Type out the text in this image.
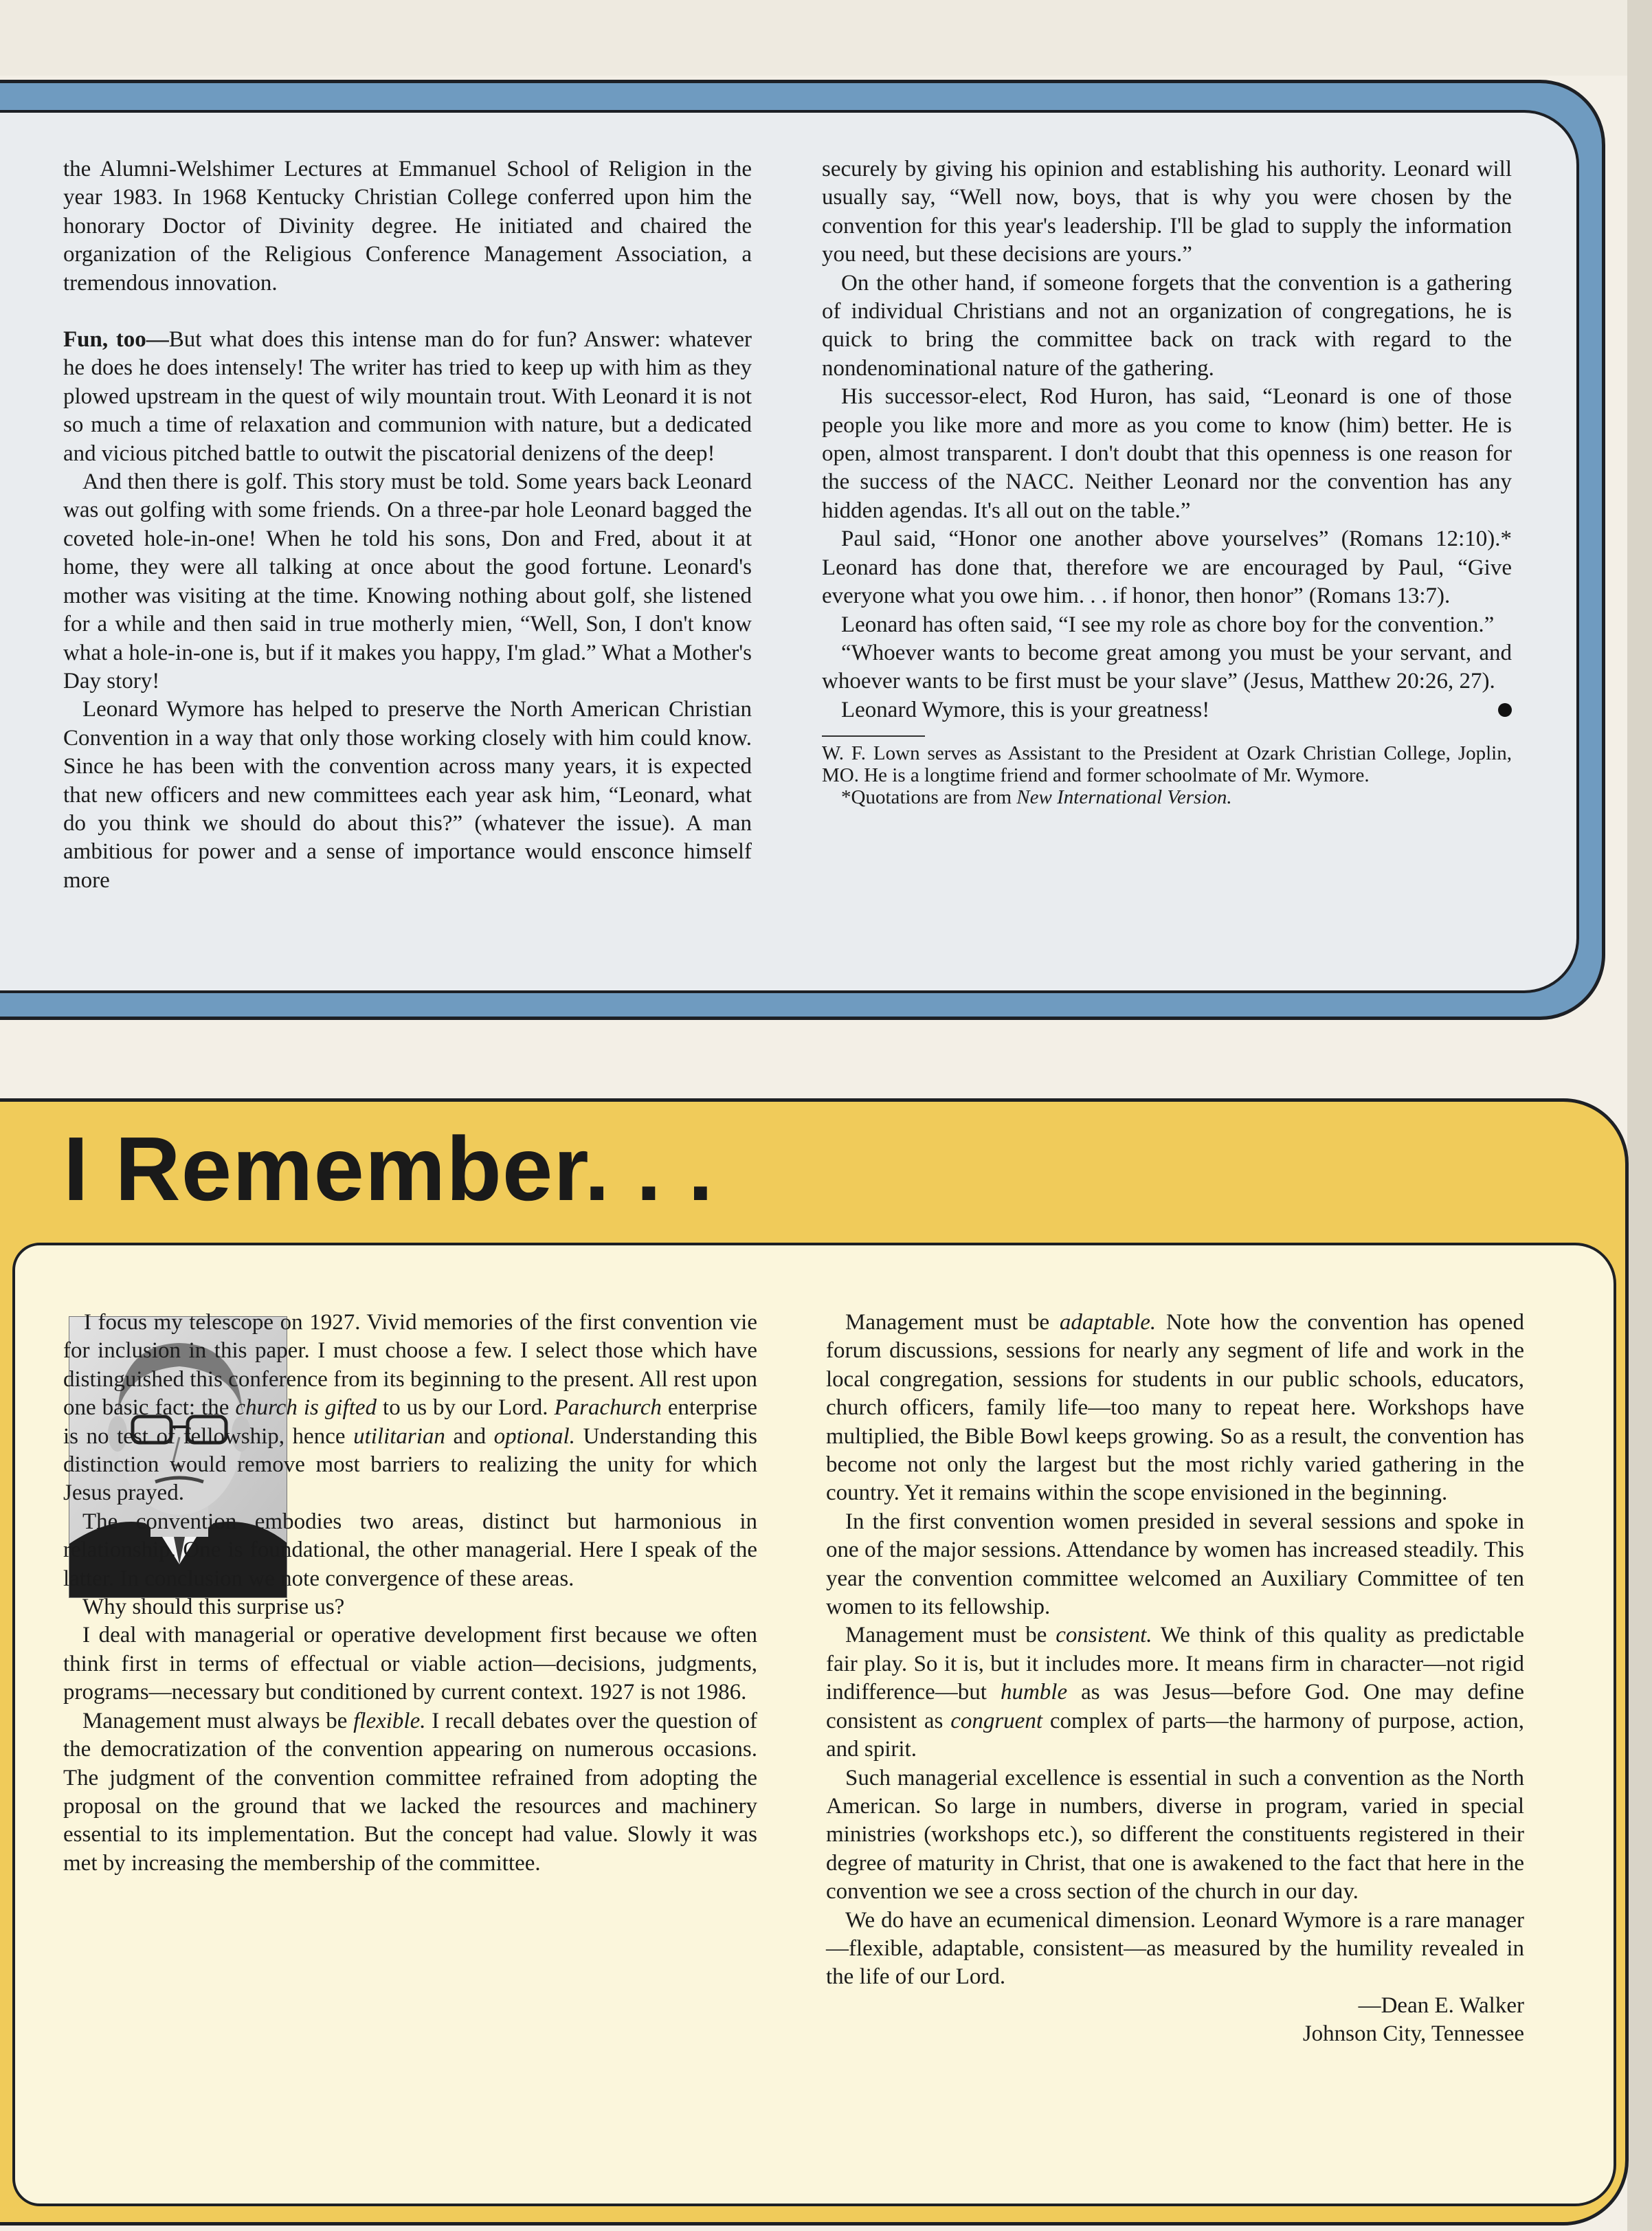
the Alumni-Welshimer Lectures at Emmanuel School of Religion in the year 1983. In 1968 Kentucky Christian College conferred upon him the honorary Doctor of Divinity degree. He initiated and chaired the organization of the Religious Conference Management Association, a tremendous innovation.

Fun, too—But what does this intense man do for fun? Answer: whatever he does he does intensely! The writer has tried to keep up with him as they plowed upstream in the quest of wily mountain trout. With Leonard it is not so much a time of relaxation and communion with nature, but a dedicated and vicious pitched battle to outwit the piscatorial denizens of the deep!

And then there is golf. This story must be told. Some years back Leonard was out golfing with some friends. On a three-par hole Leonard bagged the coveted hole-in-one! When he told his sons, Don and Fred, about it at home, they were all talking at once about the good fortune. Leonard's mother was visiting at the time. Knowing nothing about golf, she listened for a while and then said in true motherly mien, “Well, Son, I don't know what a hole-in-one is, but if it makes you happy, I'm glad.” What a Mother's Day story!

Leonard Wymore has helped to preserve the North American Christian Convention in a way that only those working closely with him could know. Since he has been with the convention across many years, it is expected that new officers and new committees each year ask him, “Leonard, what do you think we should do about this?” (whatever the issue). A man ambitious for power and a sense of importance would ensconce himself more

securely by giving his opinion and establishing his authority. Leonard will usually say, “Well now, boys, that is why you were chosen by the convention for this year's leadership. I'll be glad to supply the information you need, but these decisions are yours.”

On the other hand, if someone forgets that the convention is a gathering of individual Christians and not an organization of congregations, he is quick to bring the committee back on track with regard to the nondenominational nature of the gathering.

His successor-elect, Rod Huron, has said, “Leonard is one of those people you like more and more as you come to know (him) better. He is open, almost transparent. I don't doubt that this openness is one reason for the success of the NACC. Neither Leonard nor the convention has any hidden agendas. It's all out on the table.”

Paul said, “Honor one another above yourselves” (Romans 12:10).* Leonard has done that, therefore we are encouraged by Paul, “Give everyone what you owe him. . . if honor, then honor” (Romans 13:7).

Leonard has often said, “I see my role as chore boy for the convention.”

“Whoever wants to become great among you must be your servant, and whoever wants to be first must be your slave” (Jesus, Matthew 20:26, 27).

Leonard Wymore, this is your greatness!

W. F. Lown serves as Assistant to the President at Ozark Christian College, Joplin, MO. He is a longtime friend and former schoolmate of Mr. Wymore.

*Quotations are from New International Version.

I Remember. . .

I focus my telescope on 1927. Vivid memories of the first convention vie for inclusion in this paper. I must choose a few. I select those which have distinguished this conference from its beginning to the present. All rest upon one basic fact: the church is gifted to us by our Lord. Parachurch enterprise is no test of fellowship, hence utilitarian and optional. Understanding this distinction would remove most barriers to realizing the unity for which Jesus prayed.

The convention embodies two areas, distinct but harmonious in relationship. One is foundational, the other managerial. Here I speak of the latter. In conclusion we note convergence of these areas.

Why should this surprise us?

I deal with managerial or operative development first because we often think first in terms of effectual or viable action—decisions, judgments, programs—necessary but conditioned by current context. 1927 is not 1986.

Management must always be flexible. I recall debates over the question of the democratization of the convention appearing on numerous occasions. The judgment of the convention committee refrained from adopting the proposal on the ground that we lacked the resources and machinery essential to its implementation. But the concept had value. Slowly it was met by increasing the membership of the committee.

Management must be adaptable. Note how the convention has opened forum discussions, sessions for nearly any segment of life and work in the local congregation, sessions for students in our public schools, educators, church officers, family life—too many to repeat here. Workshops have multiplied, the Bible Bowl keeps growing. So as a result, the convention has become not only the largest but the most richly varied gathering in the country. Yet it remains within the scope envisioned in the beginning.

In the first convention women presided in several sessions and spoke in one of the major sessions. Attendance by women has increased steadily. This year the convention committee welcomed an Auxiliary Committee of ten women to its fellowship.

Management must be consistent. We think of this quality as predictable fair play. So it is, but it includes more. It means firm in character—not rigid indifference—but humble as was Jesus—before God. One may define consistent as congruent complex of parts—the harmony of purpose, action, and spirit.

Such managerial excellence is essential in such a convention as the North American. So large in numbers, diverse in program, varied in special ministries (workshops etc.), so different the constituents registered in their degree of maturity in Christ, that one is awakened to the fact that here in the convention we see a cross section of the church in our day.

We do have an ecumenical dimension. Leonard Wymore is a rare manager—flexible, adaptable, consistent—as measured by the humility revealed in the life of our Lord.

—Dean E. Walker

Johnson City, Tennessee
